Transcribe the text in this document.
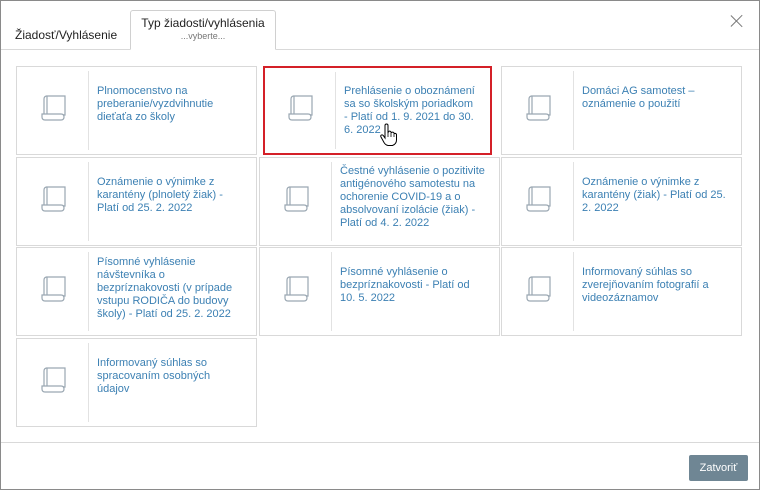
Žiadosť/Vyhlásenie
Typ žiadosti/vyhlásenia
...vyberte...
Plnomocenstvo na preberanie/vyzdvihnutie dieťaťa zo školy
Prehlásenie o oboznámení sa so školským poriadkom - Platí od 1. 9. 2021 do 30. 6. 2022
Domáci AG samotest – oznámenie o použití
Oznámenie o výnimke z karantény (plnoletý žiak) - Platí od 25. 2. 2022
Čestné vyhlásenie o pozitivite antigénového samotestu na ochorenie COVID-19 a o absolvovaní izolácie (žiak) - Platí od 4. 2. 2022
Oznámenie o výnimke z karantény (žiak) - Platí od 25. 2. 2022
Písomné vyhlásenie návštevníka o bezpríznakovosti (v prípade vstupu RODIČA do budovy školy) - Platí od 25. 2. 2022
Písomné vyhlásenie o bezpríznakovosti - Platí od 10. 5. 2022
Informovaný súhlas so zverejňovaním fotografií a videozáznamov
Informovaný súhlas so spracovaním osobných údajov
Zatvoriť
